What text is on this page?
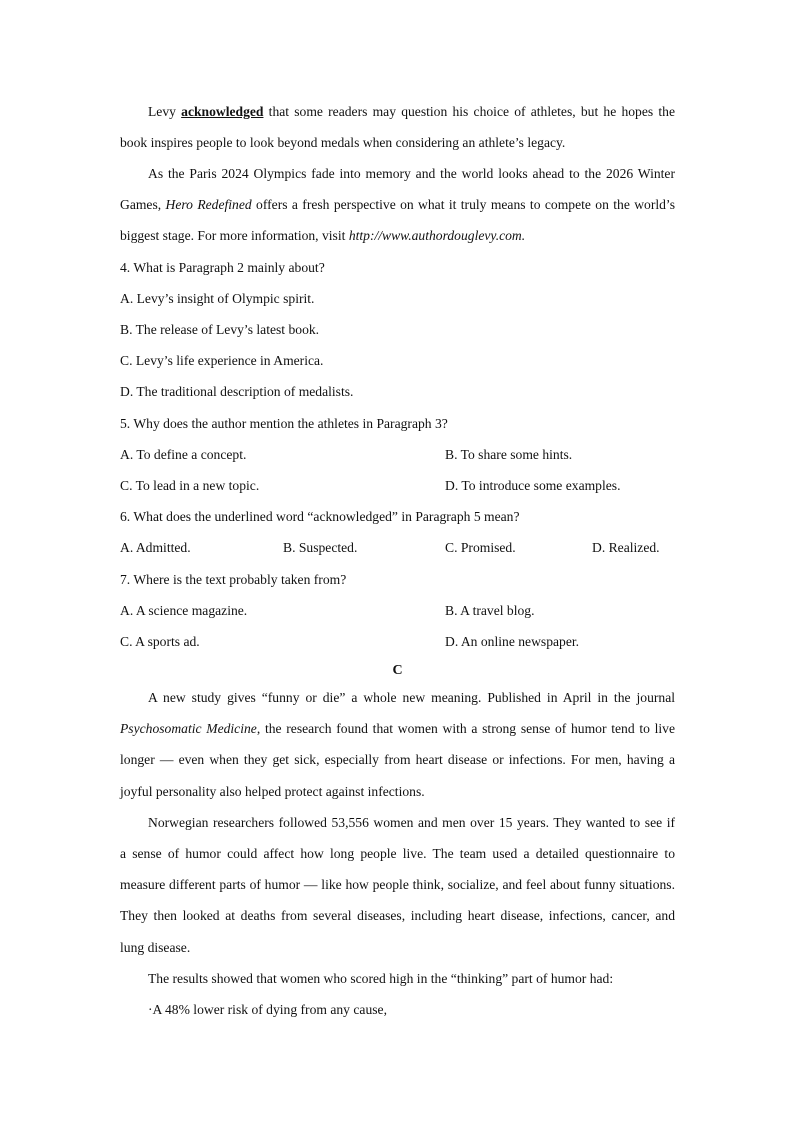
Levy acknowledged that some readers may question his choice of athletes, but he hopes the
book inspires people to look beyond medals when considering an athlete’s legacy.
As the Paris 2024 Olympics fade into memory and the world looks ahead to the 2026 Winter
Games, Hero Redefined offers a fresh perspective on what it truly means to compete on the world’s
biggest stage. For more information, visit http://www.authordouglevy.com.
4. What is Paragraph 2 mainly about?
A. Levy’s insight of Olympic spirit.
B. The release of Levy’s latest book.
C. Levy’s life experience in America.
D. The traditional description of medalists.
5. Why does the author mention the athletes in Paragraph 3?
A. To define a concept.	B. To share some hints.
C. To lead in a new topic.	D. To introduce some examples.
6. What does the underlined word “acknowledged” in Paragraph 5 mean?
A. Admitted.	B. Suspected.	C. Promised.	D. Realized.
7. Where is the text probably taken from?
A. A science magazine.	B. A travel blog.
C. A sports ad.	D. An online newspaper.
C
A new study gives “funny or die” a whole new meaning. Published in April in the journal
Psychosomatic Medicine, the research found that women with a strong sense of humor tend to live
longer — even when they get sick, especially from heart disease or infections. For men, having a
joyful personality also helped protect against infections.
Norwegian researchers followed 53,556 women and men over 15 years. They wanted to see if
a sense of humor could affect how long people live. The team used a detailed questionnaire to
measure different parts of humor — like how people think, socialize, and feel about funny situations.
They then looked at deaths from several diseases, including heart disease, infections, cancer, and
lung disease.
The results showed that women who scored high in the “thinking” part of humor had:
·A 48% lower risk of dying from any cause,
